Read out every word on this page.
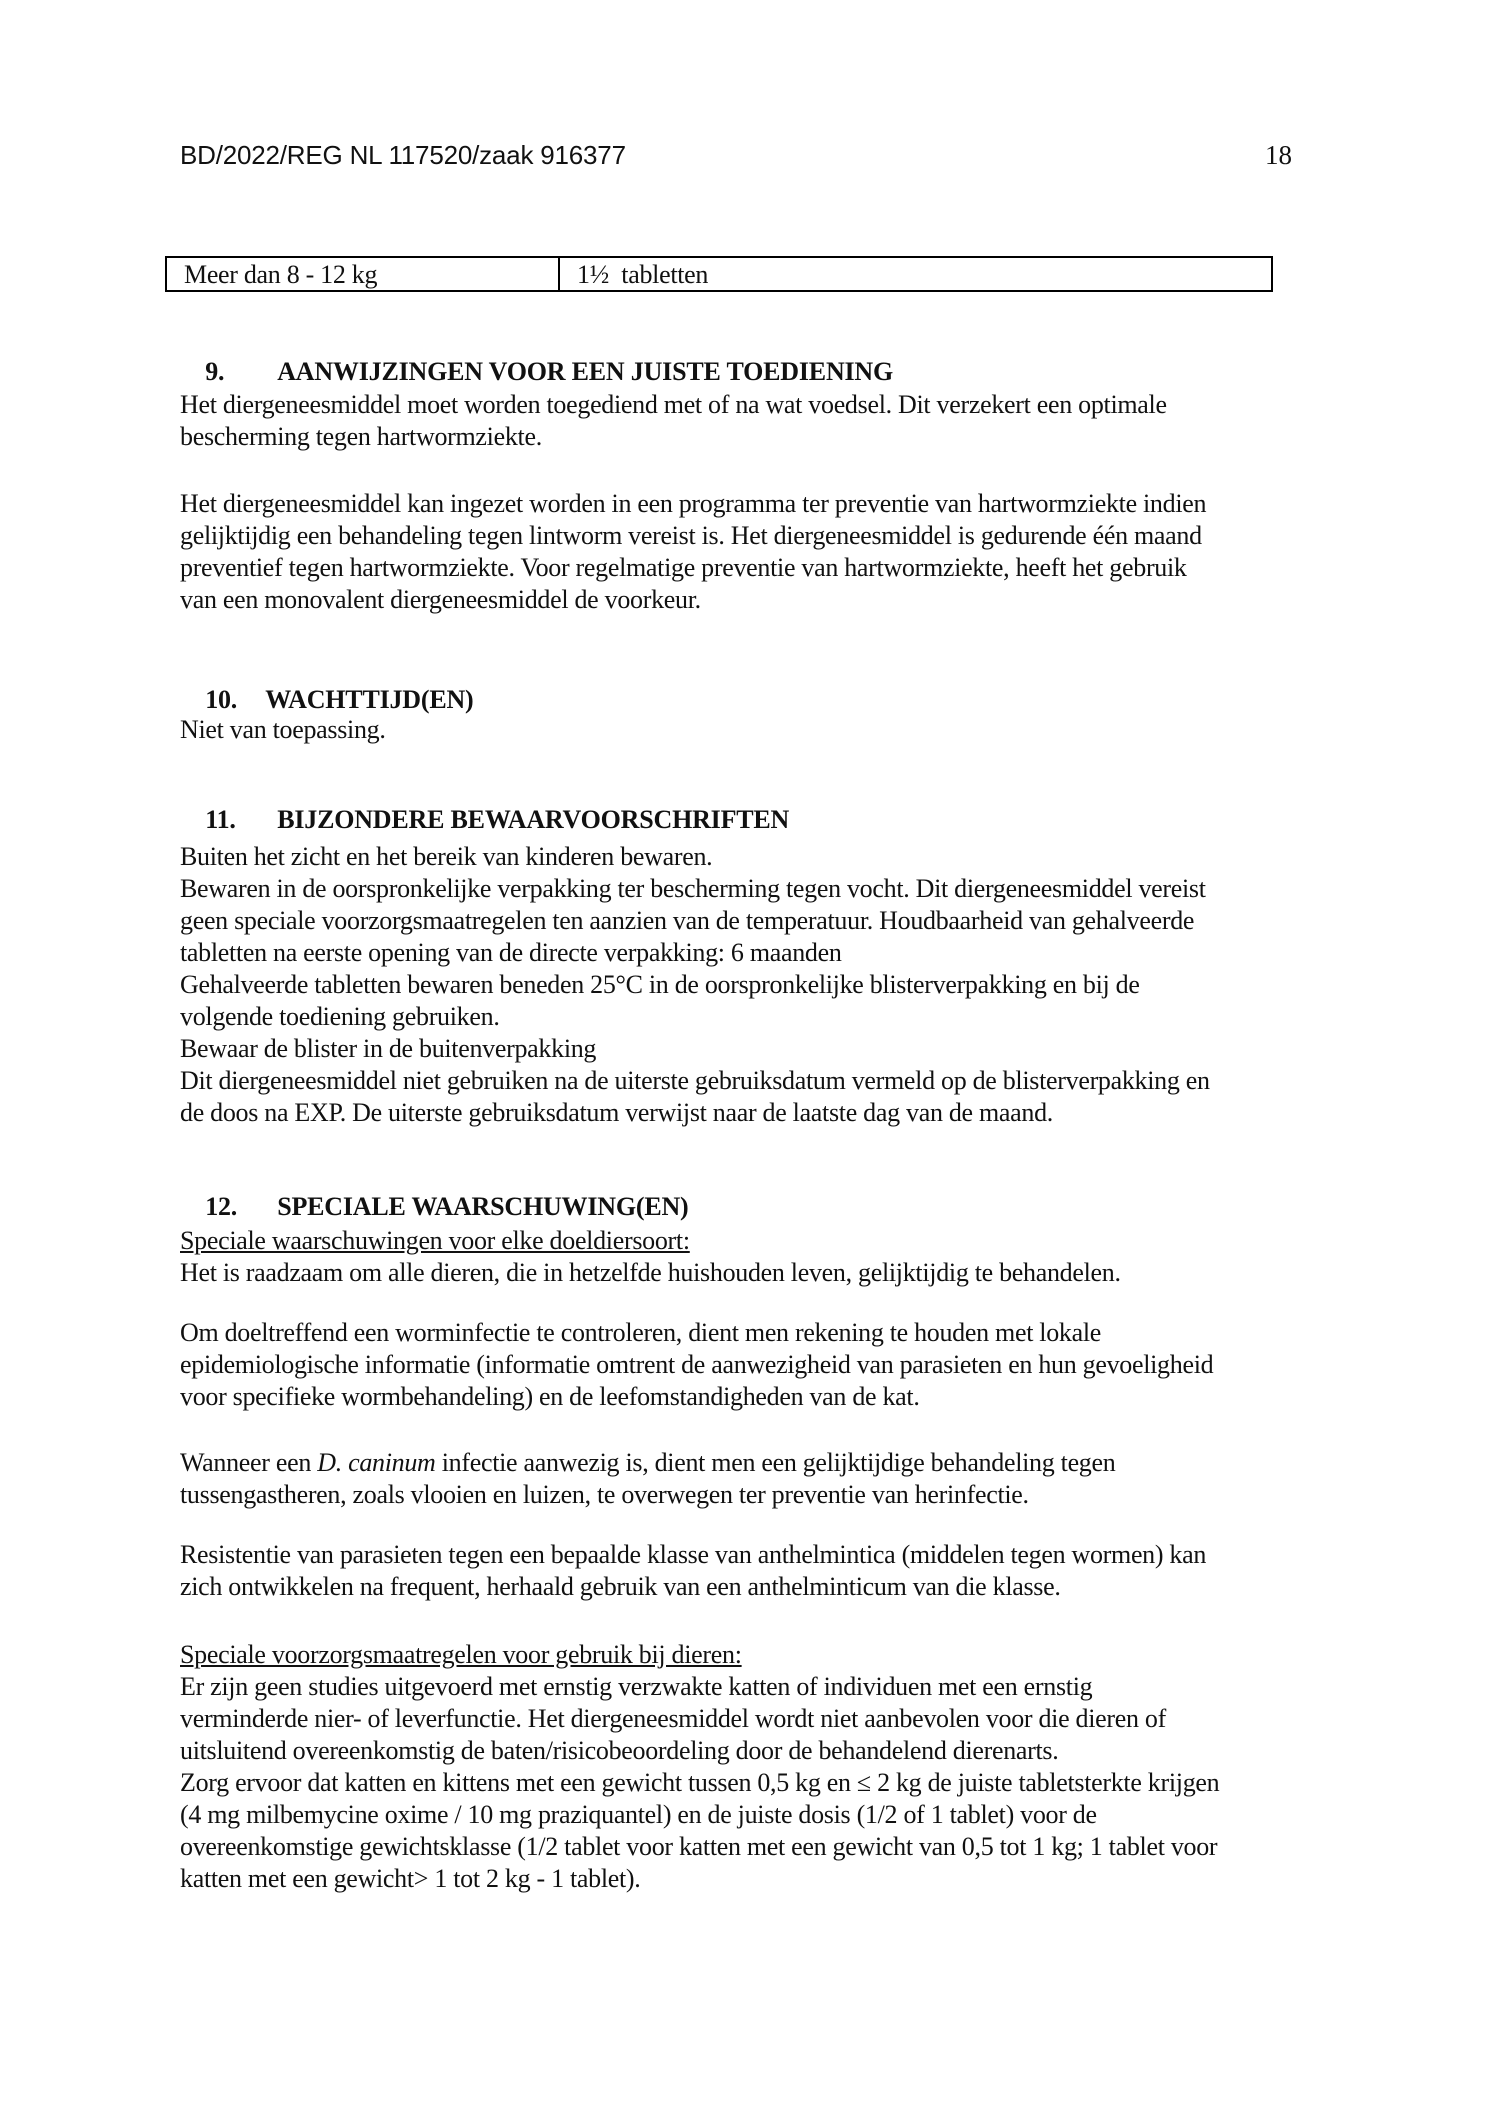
BD/2022/REG NL 117520/zaak 916377	18
Meer dan 8 - 12 kg	1½  tabletten

9. AANWIJZINGEN VOOR EEN JUISTE TOEDIENING

Het diergeneesmiddel moet worden toegediend met of na wat voedsel. Dit verzekert een optimale
bescherming tegen hartwormziekte.
Het diergeneesmiddel kan ingezet worden in een programma ter preventie van hartwormziekte indien
gelijktijdig een behandeling tegen lintworm vereist is. Het diergeneesmiddel is gedurende één maand
preventief tegen hartwormziekte. Voor regelmatige preventie van hartwormziekte, heeft het gebruik
van een monovalent diergeneesmiddel de voorkeur.

10. WACHTTIJD(EN)

Niet van toepassing.

11. BIJZONDERE BEWAARVOORSCHRIFTEN

Buiten het zicht en het bereik van kinderen bewaren.
Bewaren in de oorspronkelijke verpakking ter bescherming tegen vocht. Dit diergeneesmiddel vereist
geen speciale voorzorgsmaatregelen ten aanzien van de temperatuur. Houdbaarheid van gehalveerde
tabletten na eerste opening van de directe verpakking: 6 maanden
Gehalveerde tabletten bewaren beneden 25°C in de oorspronkelijke blisterverpakking en bij de
volgende toediening gebruiken.
Bewaar de blister in de buitenverpakking
Dit diergeneesmiddel niet gebruiken na de uiterste gebruiksdatum vermeld op de blisterverpakking en
de doos na EXP. De uiterste gebruiksdatum verwijst naar de laatste dag van de maand.

12. SPECIALE WAARSCHUWING(EN)

Speciale waarschuwingen voor elke doeldiersoort:
Het is raadzaam om alle dieren, die in hetzelfde huishouden leven, gelijktijdig te behandelen.
Om doeltreffend een worminfectie te controleren, dient men rekening te houden met lokale
epidemiologische informatie (informatie omtrent de aanwezigheid van parasieten en hun gevoeligheid
voor specifieke wormbehandeling) en de leefomstandigheden van de kat.
Wanneer een D. caninum infectie aanwezig is, dient men een gelijktijdige behandeling tegen
tussengastheren, zoals vlooien en luizen, te overwegen ter preventie van herinfectie.
Resistentie van parasieten tegen een bepaalde klasse van anthelmintica (middelen tegen wormen) kan
zich ontwikkelen na frequent, herhaald gebruik van een anthelminticum van die klasse.
Speciale voorzorgsmaatregelen voor gebruik bij dieren:
Er zijn geen studies uitgevoerd met ernstig verzwakte katten of individuen met een ernstig
verminderde nier- of leverfunctie. Het diergeneesmiddel wordt niet aanbevolen voor die dieren of
uitsluitend overeenkomstig de baten/risicobeoordeling door de behandelend dierenarts.
Zorg ervoor dat katten en kittens met een gewicht tussen 0,5 kg en ≤ 2 kg de juiste tabletsterkte krijgen
(4 mg milbemycine oxime / 10 mg praziquantel) en de juiste dosis (1/2 of 1 tablet) voor de
overeenkomstige gewichtsklasse (1/2 tablet voor katten met een gewicht van 0,5 tot 1 kg; 1 tablet voor
katten met een gewicht> 1 tot 2 kg - 1 tablet).
